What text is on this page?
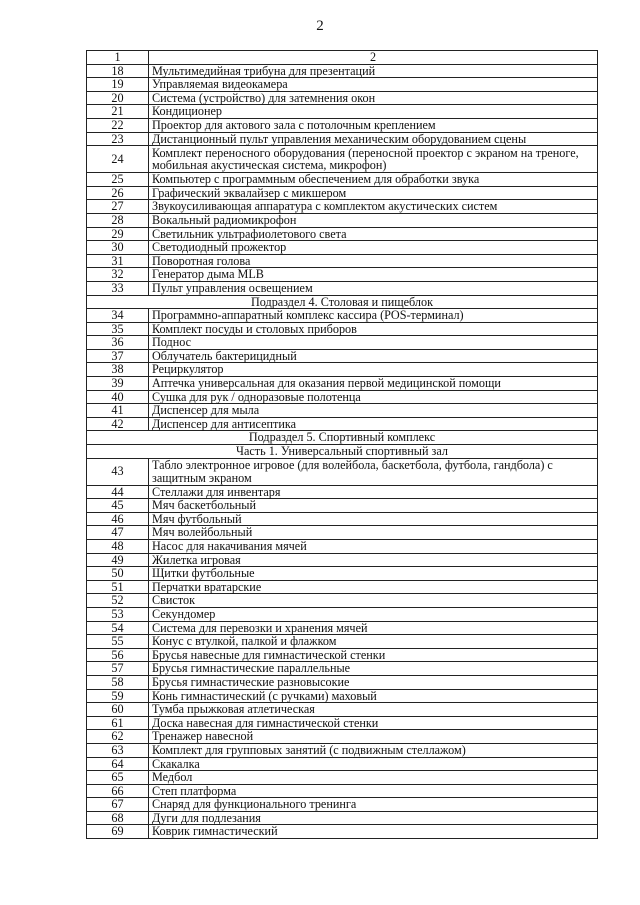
2
1	2
18	Мультимедийная трибуна для презентаций
19	Управляемая видеокамера
20	Система (устройство) для затемнения окон
21	Кондиционер
22	Проектор для актового зала с потолочным креплением
23	Дистанционный пульт управления механическим оборудованием сцены
24	Комплект переносного оборудования (переносной проектор с экраном на треноге, мобильная акустическая система, микрофон)
25	Компьютер с программным обеспечением для обработки звука
26	Графический эквалайзер с микшером
27	Звукоусиливающая аппаратура с комплектом акустических систем
28	Вокальный радиомикрофон
29	Светильник ультрафиолетового света
30	Светодиодный прожектор
31	Поворотная голова
32	Генератор дыма MLB
33	Пульт управления освещением
Подраздел 4. Столовая и пищеблок	
34	Программно-аппаратный комплекс кассира (POS-терминал)
35	Комплект посуды и столовых приборов
36	Поднос
37	Облучатель бактерицидный
38	Рециркулятор
39	Аптечка универсальная для оказания первой медицинской помощи
40	Сушка для рук / одноразовые полотенца
41	Диспенсер для мыла
42	Диспенсер для антисептика
Подраздел 5. Спортивный комплекс	
Часть 1. Универсальный спортивный зал	
43	Табло электронное игровое (для волейбола, баскетбола, футбола, гандбола) с защитным экраном
44	Стеллажи для инвентаря
45	Мяч баскетбольный
46	Мяч футбольный
47	Мяч волейбольный
48	Насос для накачивания мячей
49	Жилетка игровая
50	Щитки футбольные
51	Перчатки вратарские
52	Свисток
53	Секундомер
54	Система для перевозки и хранения мячей
55	Конус с втулкой, палкой и флажком
56	Брусья навесные для гимнастической стенки
57	Брусья гимнастические параллельные
58	Брусья гимнастические разновысокие
59	Конь гимнастический (с ручками) маховый
60	Тумба прыжковая атлетическая
61	Доска навесная для гимнастической стенки
62	Тренажер навесной
63	Комплект для групповых занятий (с подвижным стеллажом)
64	Скакалка
65	Медбол
66	Степ платформа
67	Снаряд для функционального тренинга
68	Дуги для подлезания
69	Коврик гимнастический
